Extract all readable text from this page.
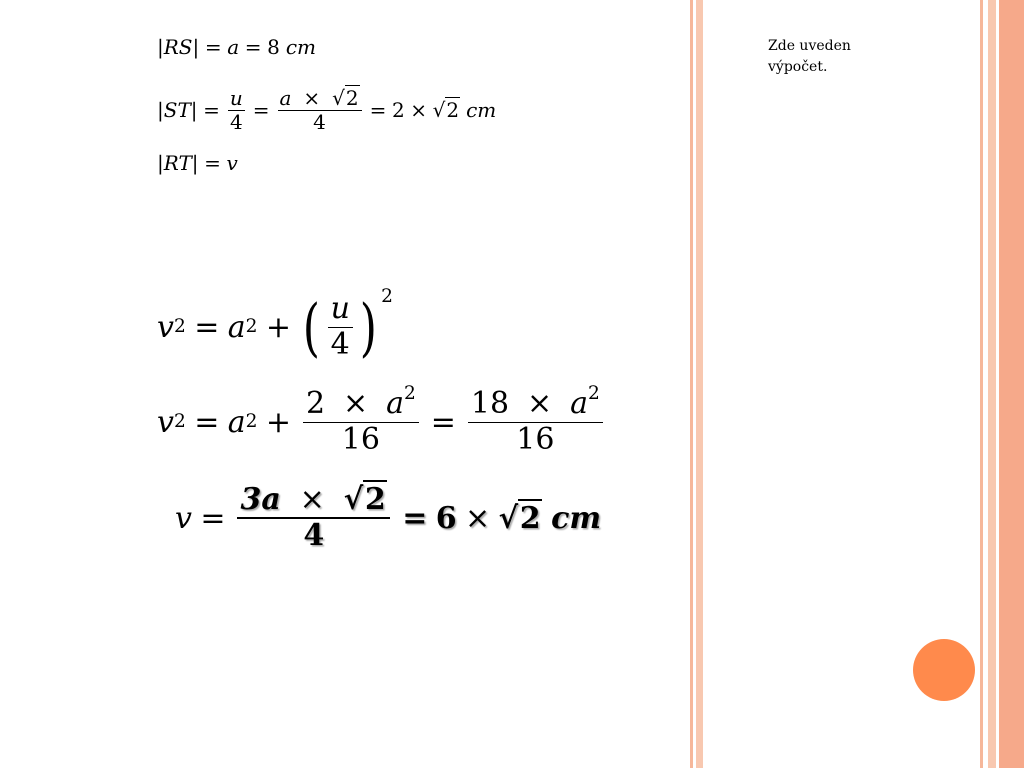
Zde uveden
výpočet.
|RS| = a = 8 cm
$|ST| = \frac{u}{4} = \frac{a \times √2}{4} = 2 \times √2$ cm
|RT| = v
v 2 = a 2 + ( $\frac{u}{4}$ ) 2
v 2 = a $2 + \frac{2 \times a^2}{16} = \frac{18 \times a^2}{16}$
$v = \frac{3a \times √2}{4} = 6 \times √2$ cm
